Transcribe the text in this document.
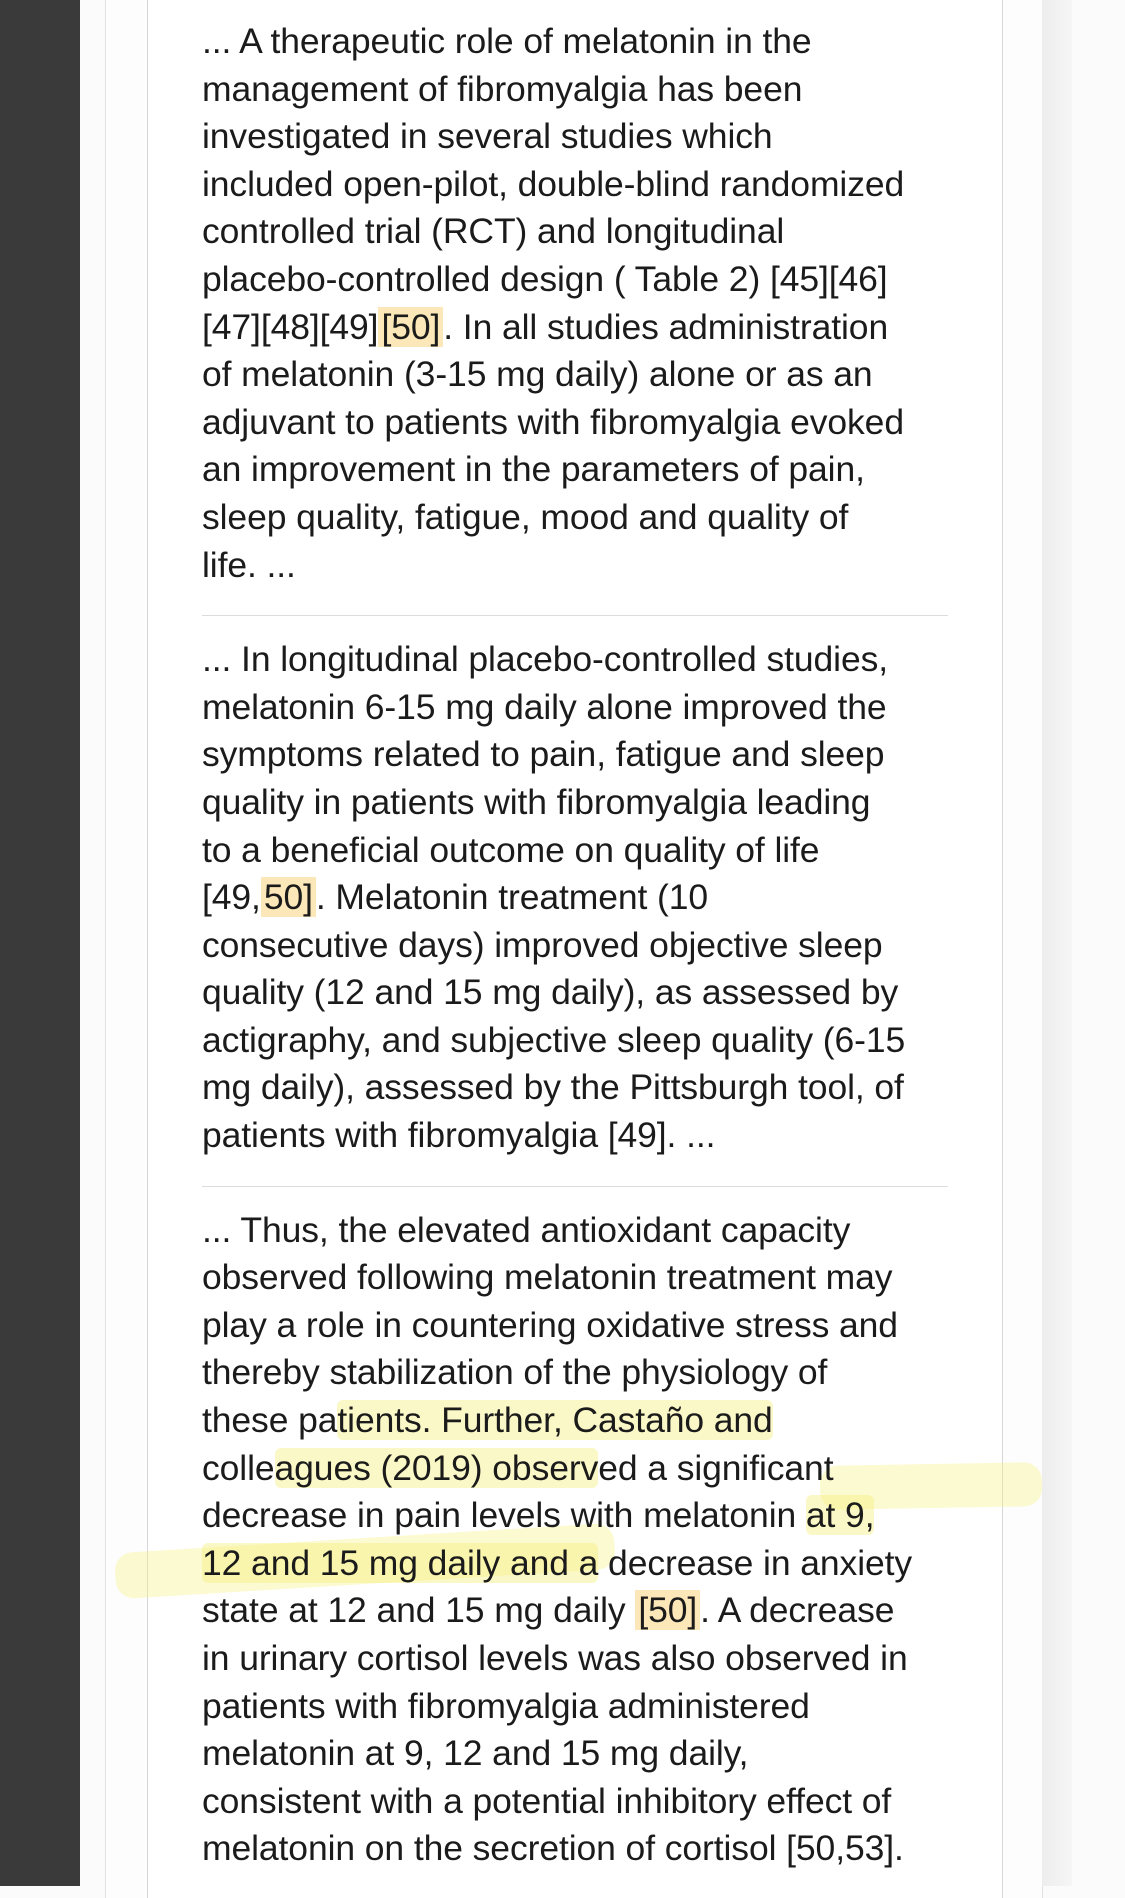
... A therapeutic role of melatonin in the
management of fibromyalgia has been
investigated in several studies which
included open-pilot, double-blind randomized
controlled trial (RCT) and longitudinal
placebo-controlled design ( Table 2) [45][46]
[47][48][49][50]. In all studies administration
of melatonin (3-15 mg daily) alone or as an
adjuvant to patients with fibromyalgia evoked
an improvement in the parameters of pain,
sleep quality, fatigue, mood and quality of
life. ...

... In longitudinal placebo-controlled studies,
melatonin 6-15 mg daily alone improved the
symptoms related to pain, fatigue and sleep
quality in patients with fibromyalgia leading
to a beneficial outcome on quality of life
[49,50]. Melatonin treatment (10
consecutive days) improved objective sleep
quality (12 and 15 mg daily), as assessed by
actigraphy, and subjective sleep quality (6-15
mg daily), assessed by the Pittsburgh tool, of
patients with fibromyalgia [49]. ...

... Thus, the elevated antioxidant capacity
observed following melatonin treatment may
play a role in countering oxidative stress and
thereby stabilization of the physiology of
these patients. Further, Castaño and
colleagues (2019) observed a significant
decrease in pain levels with melatonin at 9,
12 and 15 mg daily and a decrease in anxiety
state at 12 and 15 mg daily [50]. A decrease
in urinary cortisol levels was also observed in
patients with fibromyalgia administered
melatonin at 9, 12 and 15 mg daily,
consistent with a potential inhibitory effect of
melatonin on the secretion of cortisol [50,53].
